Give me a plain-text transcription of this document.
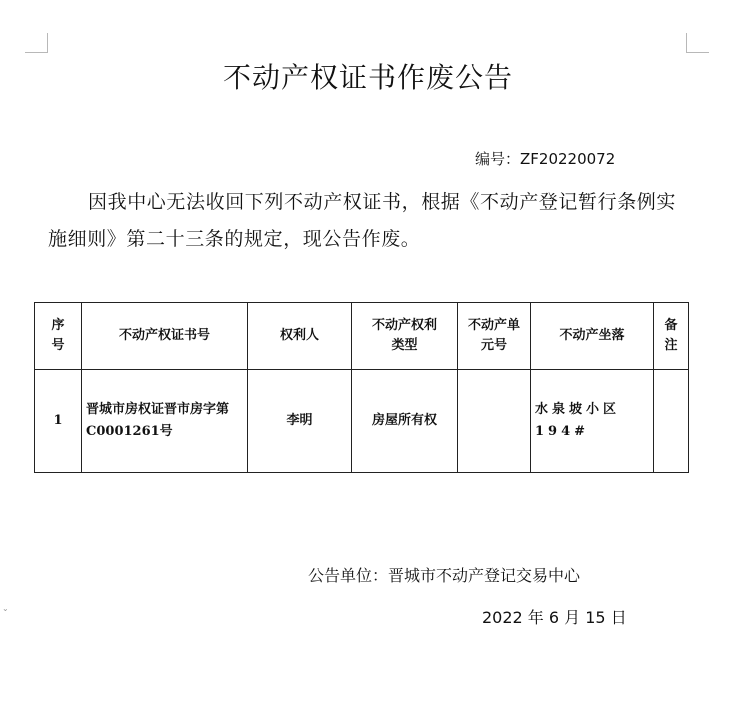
⌄
不动产权证书作废公告
编号：ZF20220072
因我中心无法收回下列不动产权证书，根据《不动产登记暂行条例实施细则》第二十三条的规定，现公告作废。
序号	不动产权证书号	权利人	不动产权利类型	不动产单元号	不动产坐落	备注
1	晋城市房权证晋市房字第C0001261号	李明	房屋所有权		水泉坡小区194#	
公告单位：晋城市不动产登记交易中心
2022 年 6 月 15 日
